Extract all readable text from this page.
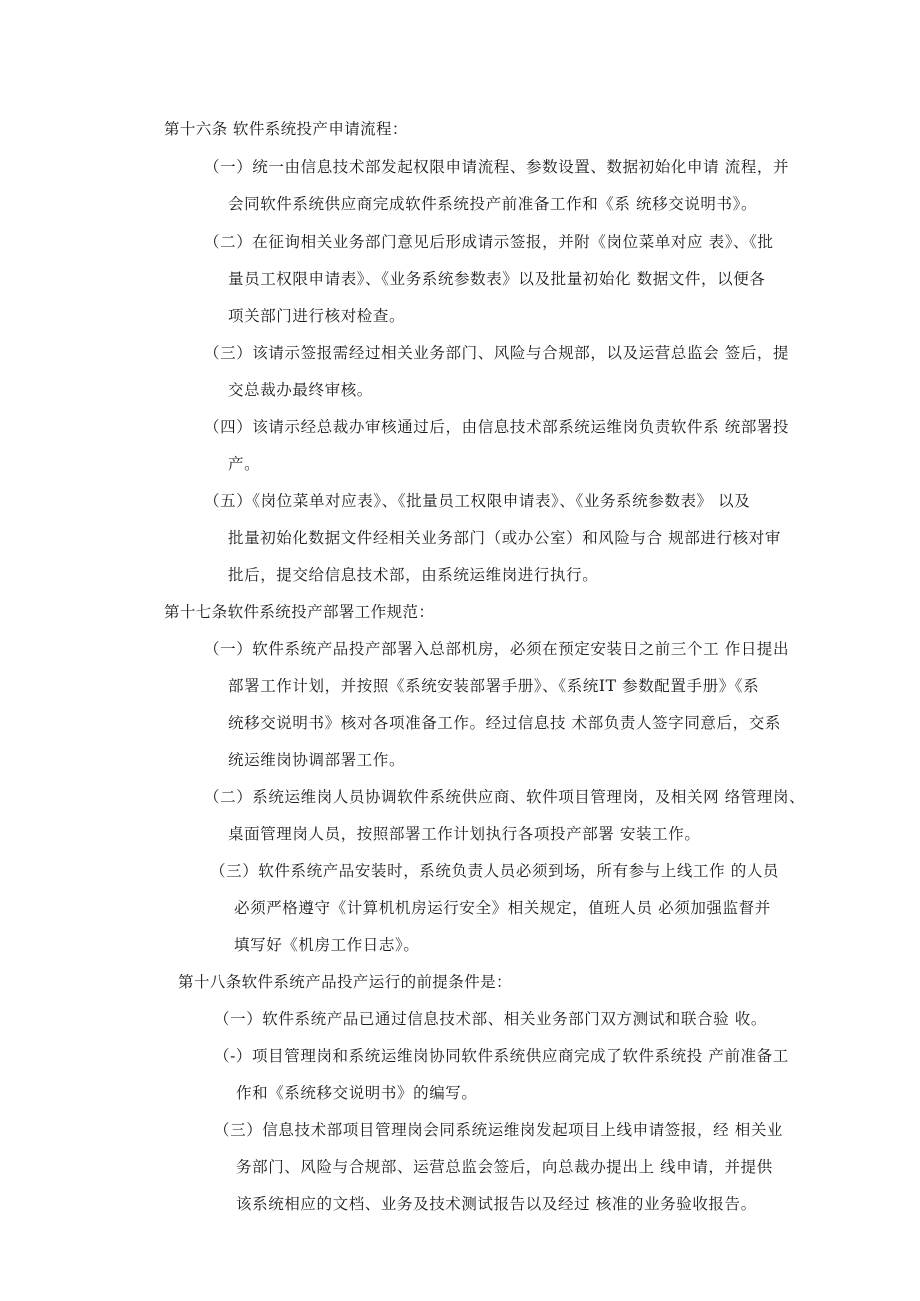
第十六条 软件系统投产申请流程：
（一）统一由信息技术部发起权限申请流程、参数设置、数据初始化申请 流程，并
会同软件系统供应商完成软件系统投产前准备工作和《系 统移交说明书》。
（二）在征询相关业务部门意见后形成请示签报，并附《岗位菜单对应 表》、《批
量员工权限申请表》、《业务系统参数表》以及批量初始化 数据文件，以便各
项关部门进行核对检查。
（三）该请示签报需经过相关业务部门、风险与合规部，以及运营总监会 签后，提
交总裁办最终审核。
（四）该请示经总裁办审核通过后，由信息技术部系统运维岗负责软件系 统部署投
产。
（五）《岗位菜单对应表》、《批量员工权限申请表》、《业务系统参数表》 以及
批量初始化数据文件经相关业务部门（或办公室）和风险与合 规部进行核对审
批后，提交给信息技术部，由系统运维岗进行执行。
第十七条软件系统投产部署工作规范：
（一）软件系统产品投产部署入总部机房，必须在预定安装日之前三个工 作日提出
部署工作计划，并按照《系统安装部署手册》、《系统IT 参数配置手册》《系
统移交说明书》核对各项准备工作。经过信息技 术部负责人签字同意后，交系
统运维岗协调部署工作。
（二）系统运维岗人员协调软件系统供应商、软件项目管理岗，及相关网 络管理岗、
桌面管理岗人员，按照部署工作计划执行各项投产部署 安装工作。
（三）软件系统产品安装时，系统负责人员必须到场，所有参与上线工作 的人员
必须严格遵守《计算机机房运行安全》相关规定，值班人员 必须加强监督并
填写好《机房工作日志》。
第十八条软件系统产品投产运行的前提条件是：
（一）软件系统产品已通过信息技术部、相关业务部门双方测试和联合验 收。
（-）项目管理岗和系统运维岗协同软件系统供应商完成了软件系统投 产前准备工
作和《系统移交说明书》的编写。
（三）信息技术部项目管理岗会同系统运维岗发起项目上线申请签报，经 相关业
务部门、风险与合规部、运营总监会签后，向总裁办提出上 线申请，并提供
该系统相应的文档、业务及技术测试报告以及经过 核准的业务验收报告。
